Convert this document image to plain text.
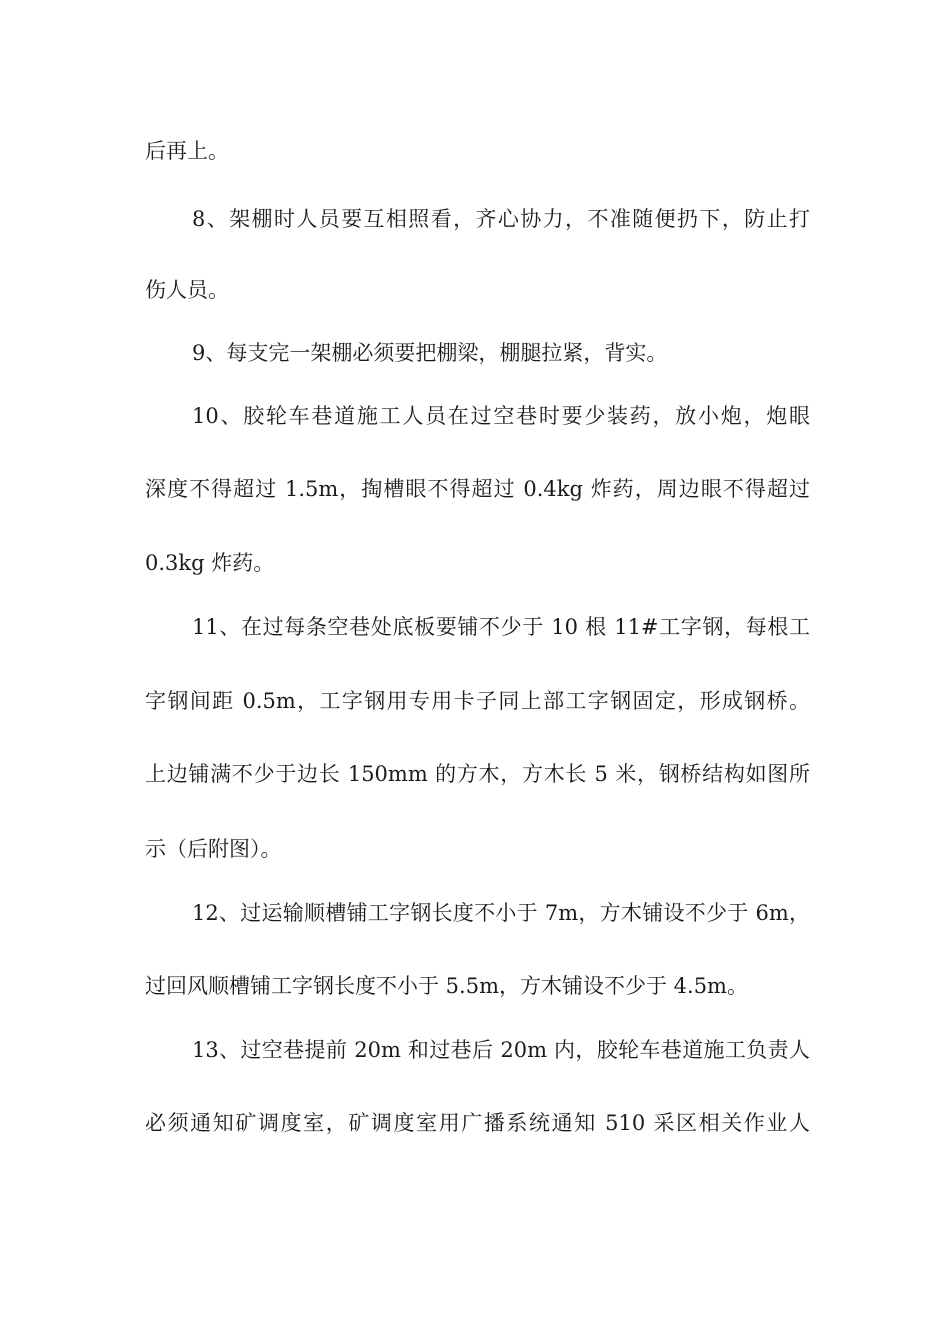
后再上。
8、架棚时人员要互相照看，齐心协力，不准随便扔下，防止打
伤人员。
9、每支完一架棚必须要把棚梁，棚腿拉紧，背实。
10、胶轮车巷道施工人员在过空巷时要少装药，放小炮，炮眼
深度不得超过 1.5m，掏槽眼不得超过 0.4kg 炸药，周边眼不得超过
0.3kg 炸药。
11、在过每条空巷处底板要铺不少于 10 根 11#工字钢，每根工
字钢间距 0.5m，工字钢用专用卡子同上部工字钢固定，形成钢桥。
上边铺满不少于边长 150mm 的方木，方木长 5 米，钢桥结构如图所
示（后附图）。
12、过运输顺槽铺工字钢长度不小于 7m，方木铺设不少于 6m，
过回风顺槽铺工字钢长度不小于 5.5m，方木铺设不少于 4.5m。
13、过空巷提前 20m 和过巷后 20m 内，胶轮车巷道施工负责人
必须通知矿调度室，矿调度室用广播系统通知 510 采区相关作业人
